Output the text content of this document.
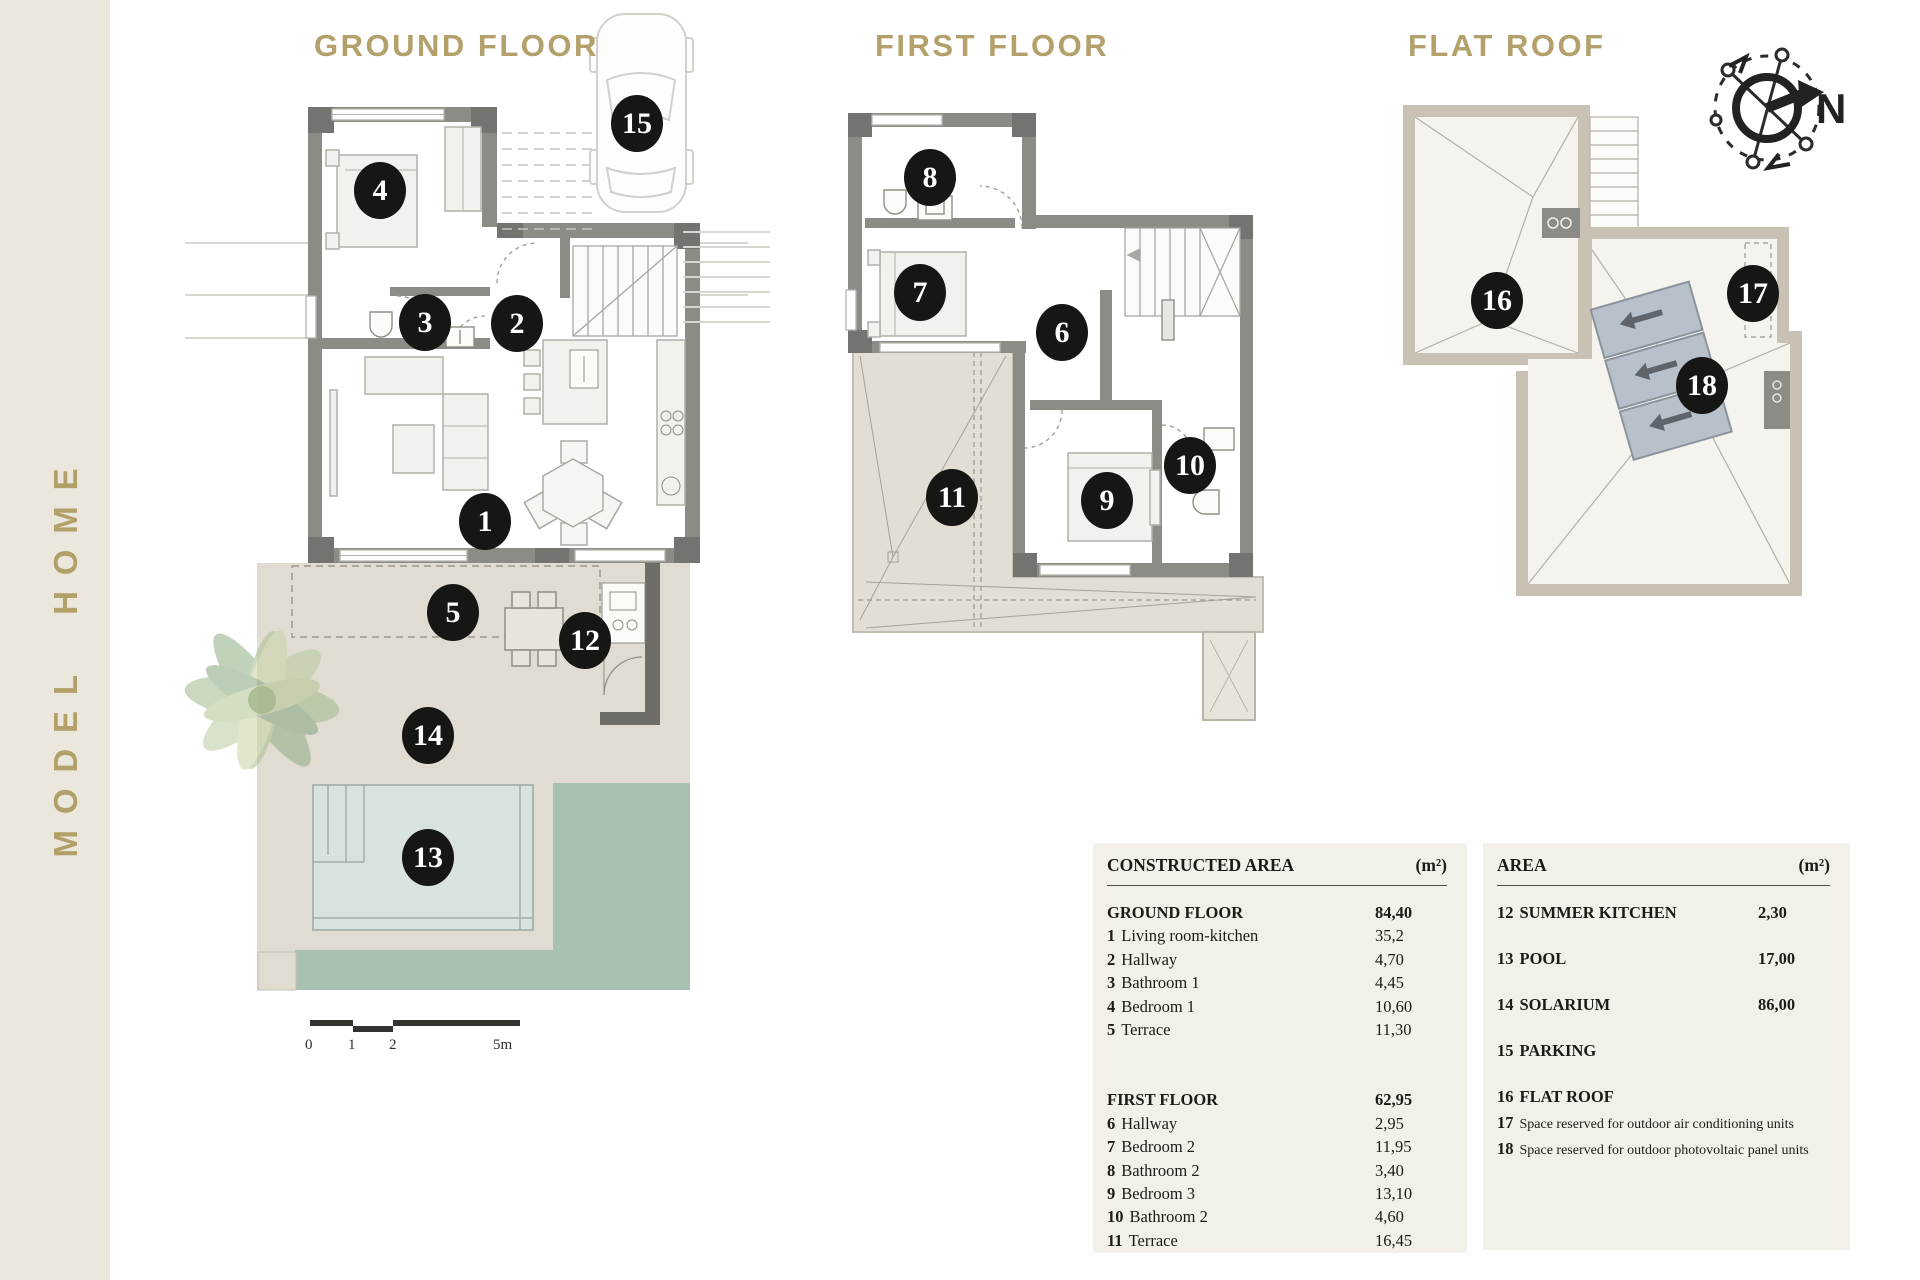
N
MODEL HOME
GROUND FLOOR	FIRST FLOOR	FLAT ROOF
1
2
3
4
5
6
7
8
9
10
11
12
13
14
15
16	17
18
0 1 2	5m
CONSTRUCTED AREA	(m²)
GROUND FLOOR	84,40
1 Living room-kitchen	35,2
2 Hallway	4,70
3 Bathroom 1	4,45
4 Bedroom 1	10,60
5 Terrace	11,30
FIRST FLOOR	62,95
6 Hallway	2,95
7 Bedroom 2	11,95
8 Bathroom 2	3,40
9 Bedroom 3	13,10
10 Bathroom 2	4,60
11 Terrace	16,45
AREA	(m²)
12 SUMMER KITCHEN	2,30
13 POOL	17,00
14 SOLARIUM	86,00
15 PARKING
16 FLAT ROOF
17 Space reserved for outdoor air conditioning units
18 Space reserved for outdoor photovoltaic panel units
